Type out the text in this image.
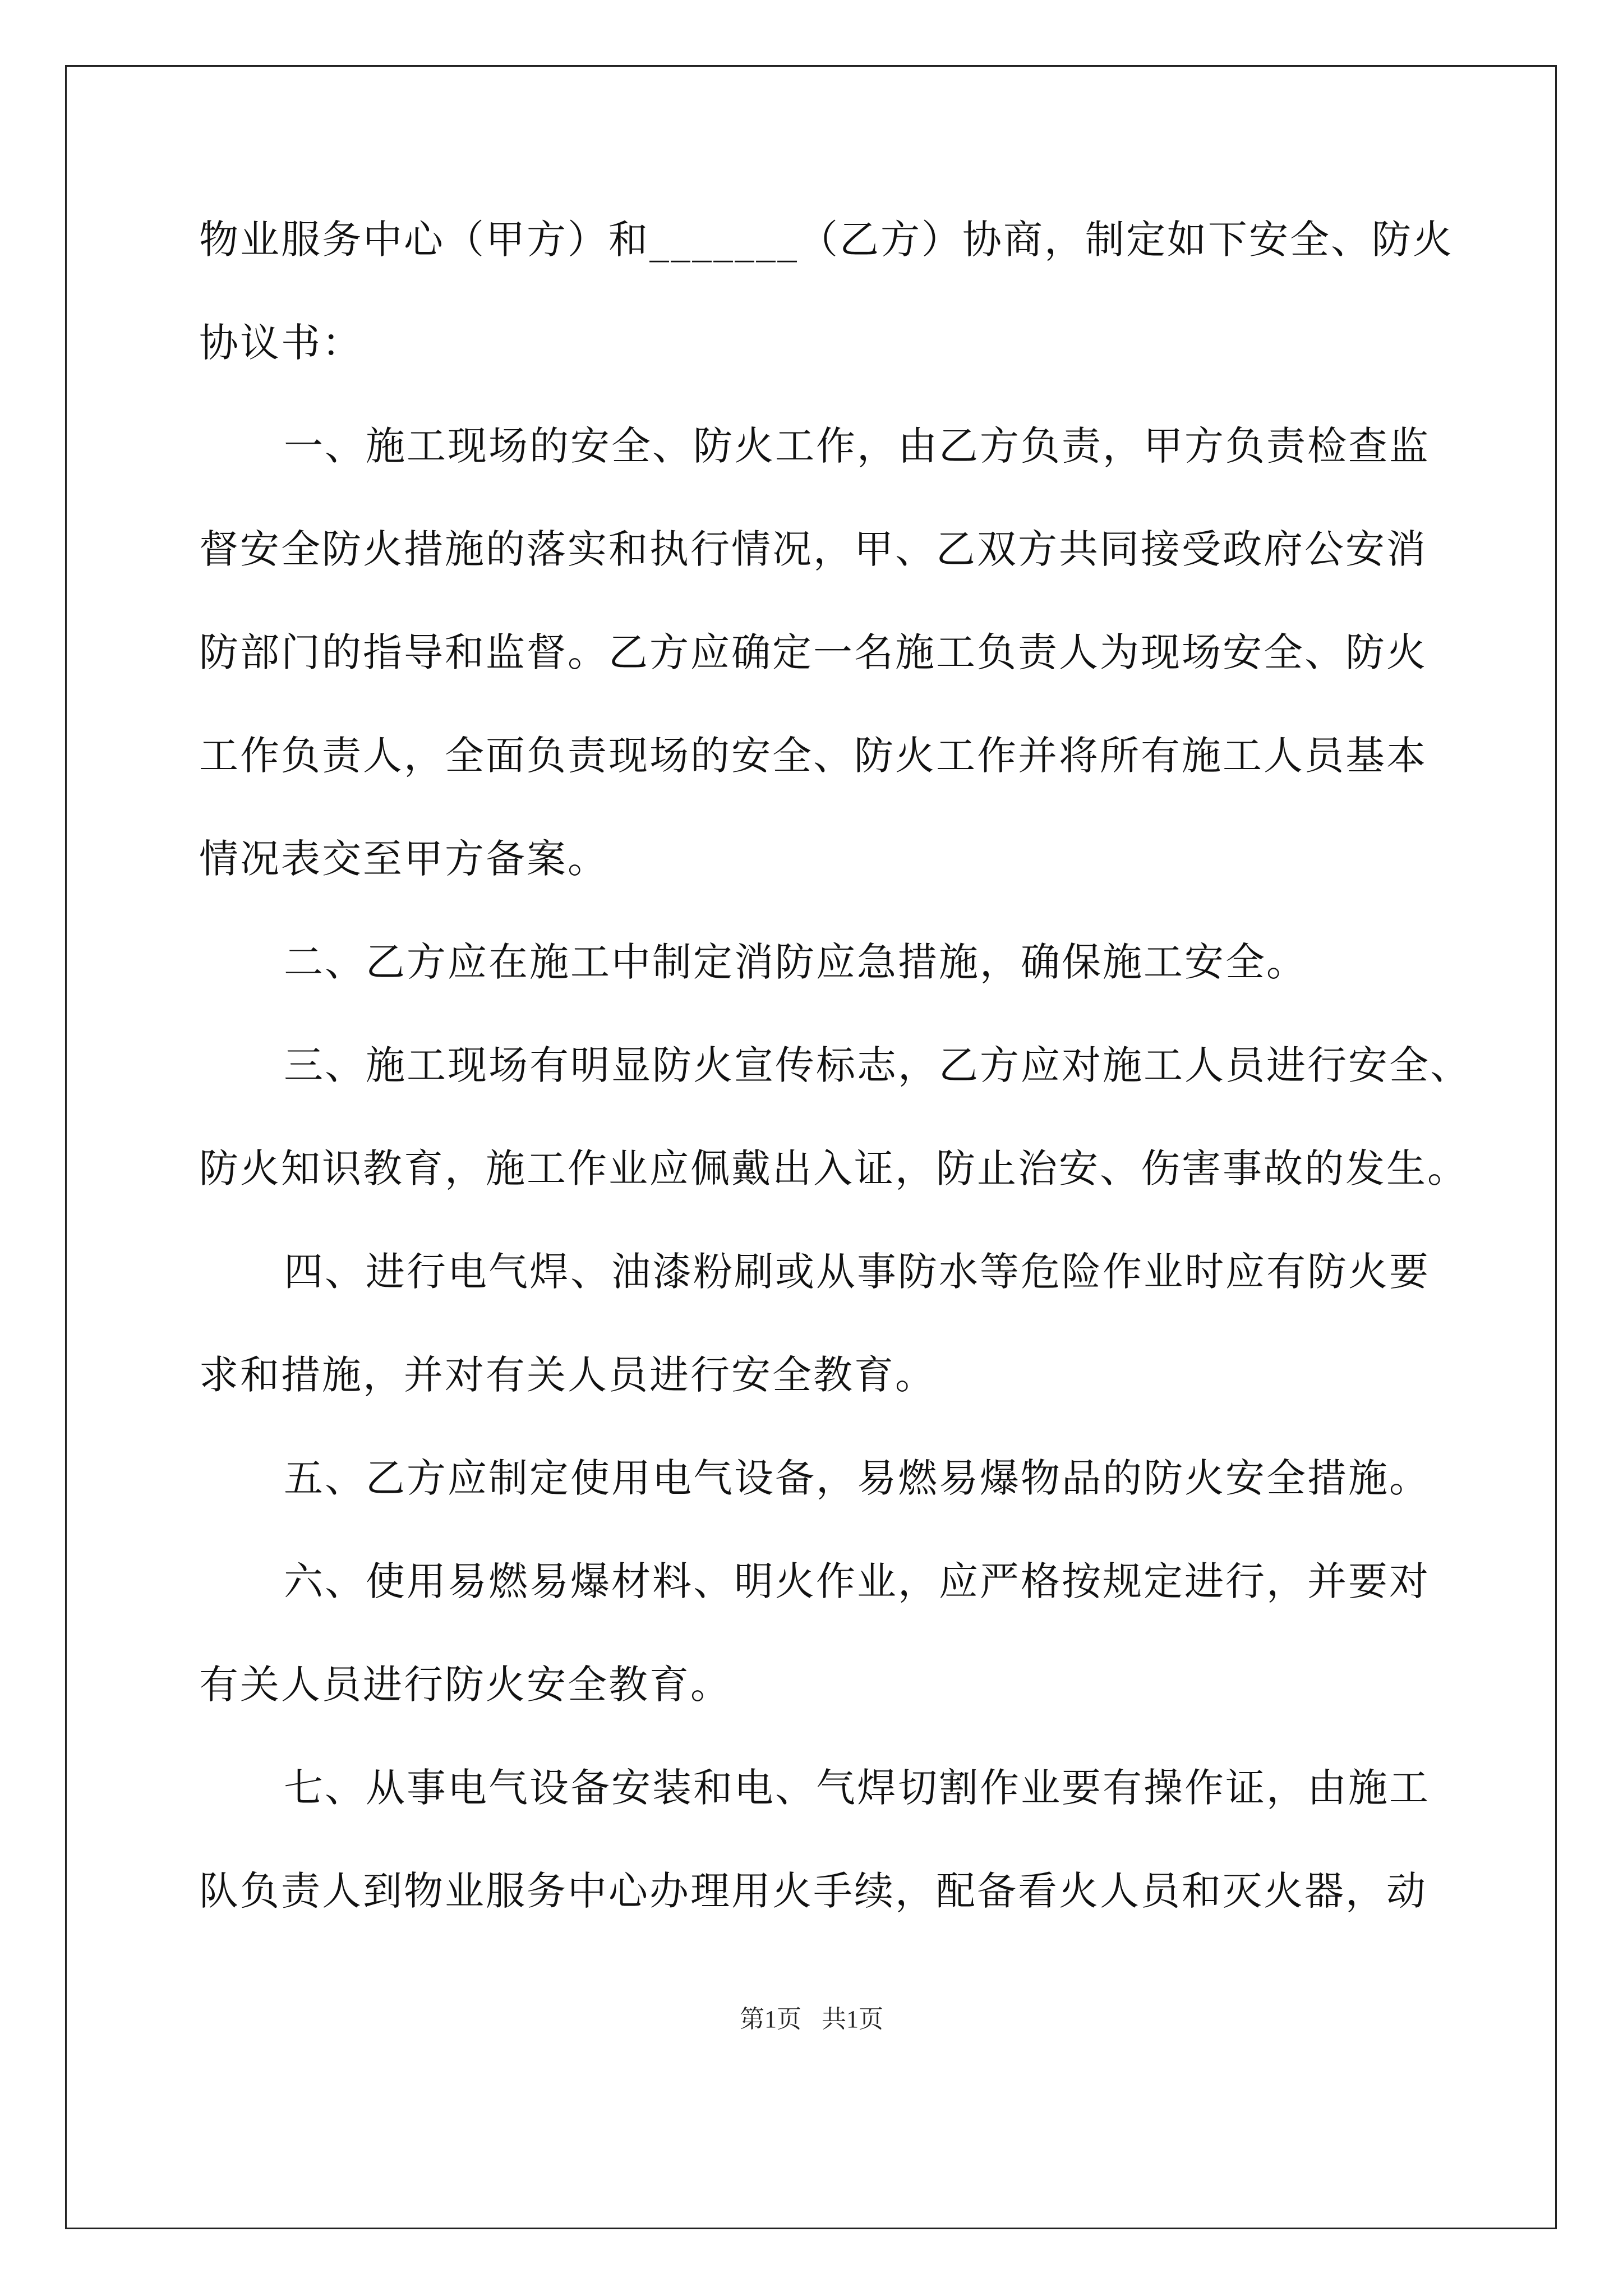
物业服务中心（甲方）和_______（乙方）协商，制定如下安全、防火
协议书：
一、施工现场的安全、防火工作，由乙方负责，甲方负责检查监
督安全防火措施的落实和执行情况，甲、乙双方共同接受政府公安消
防部门的指导和监督。乙方应确定一名施工负责人为现场安全、防火
工作负责人，全面负责现场的安全、防火工作并将所有施工人员基本
情况表交至甲方备案。
二、乙方应在施工中制定消防应急措施，确保施工安全。
三、施工现场有明显防火宣传标志，乙方应对施工人员进行安全、
防火知识教育，施工作业应佩戴出入证，防止治安、伤害事故的发生。
四、进行电气焊、油漆粉刷或从事防水等危险作业时应有防火要
求和措施，并对有关人员进行安全教育。
五、乙方应制定使用电气设备，易燃易爆物品的防火安全措施。
六、使用易燃易爆材料、明火作业，应严格按规定进行，并要对
有关人员进行防火安全教育。
七、从事电气设备安装和电、气焊切割作业要有操作证，由施工
队负责人到物业服务中心办理用火手续，配备看火人员和灭火器，动
第1页 共1页
